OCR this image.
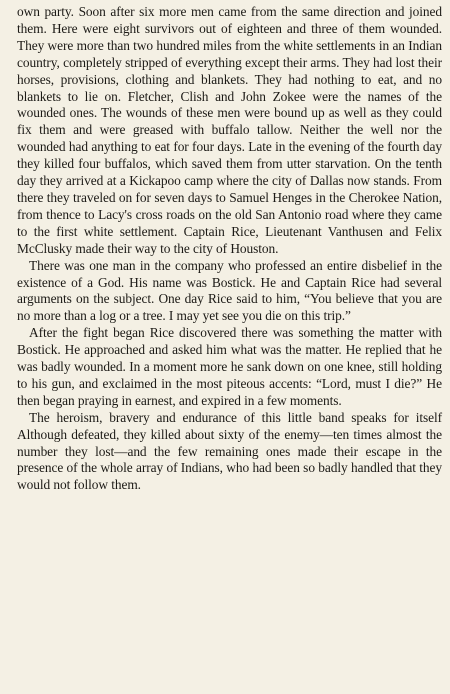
own party. Soon after six more men came from the same direction and joined them. Here were eight survivors out of eighteen and three of them wounded. They were more than two hundred miles from the white settlements in an Indian country, completely stripped of everything except their arms. They had lost their horses, provisions, clothing and blankets. They had nothing to eat, and no blankets to lie on. Fletcher, Clish and John Zokee were the names of the wounded ones. The wounds of these men were bound up as well as they could fix them and were greased with buffalo tallow. Neither the well nor the wounded had anything to eat for four days. Late in the evening of the fourth day they killed four buffalos, which saved them from utter starvation. On the tenth day they arrived at a Kickapoo camp where the city of Dallas now stands. From there they traveled on for seven days to Samuel Henges in the Cherokee Nation, from thence to Lacy's cross roads on the old San Antonio road where they came to the first white settlement. Captain Rice, Lieutenant Vanthusen and Felix McClusky made their way to the city of Houston.

There was one man in the company who professed an entire disbelief in the existence of a God. His name was Bostick. He and Captain Rice had several arguments on the subject. One day Rice said to him, “You believe that you are no more than a log or a tree. I may yet see you die on this trip.”

After the fight began Rice discovered there was something the matter with Bostick. He approached and asked him what was the matter. He replied that he was badly wounded. In a moment more he sank down on one knee, still holding to his gun, and exclaimed in the most piteous accents: “Lord, must I die?” He then began praying in earnest, and expired in a few moments.

The heroism, bravery and endurance of this little band speaks for itself Although defeated, they killed about sixty of the enemy—ten times almost the number they lost—and the few remaining ones made their escape in the presence of the whole array of Indians, who had been so badly handled that they would not follow them.
